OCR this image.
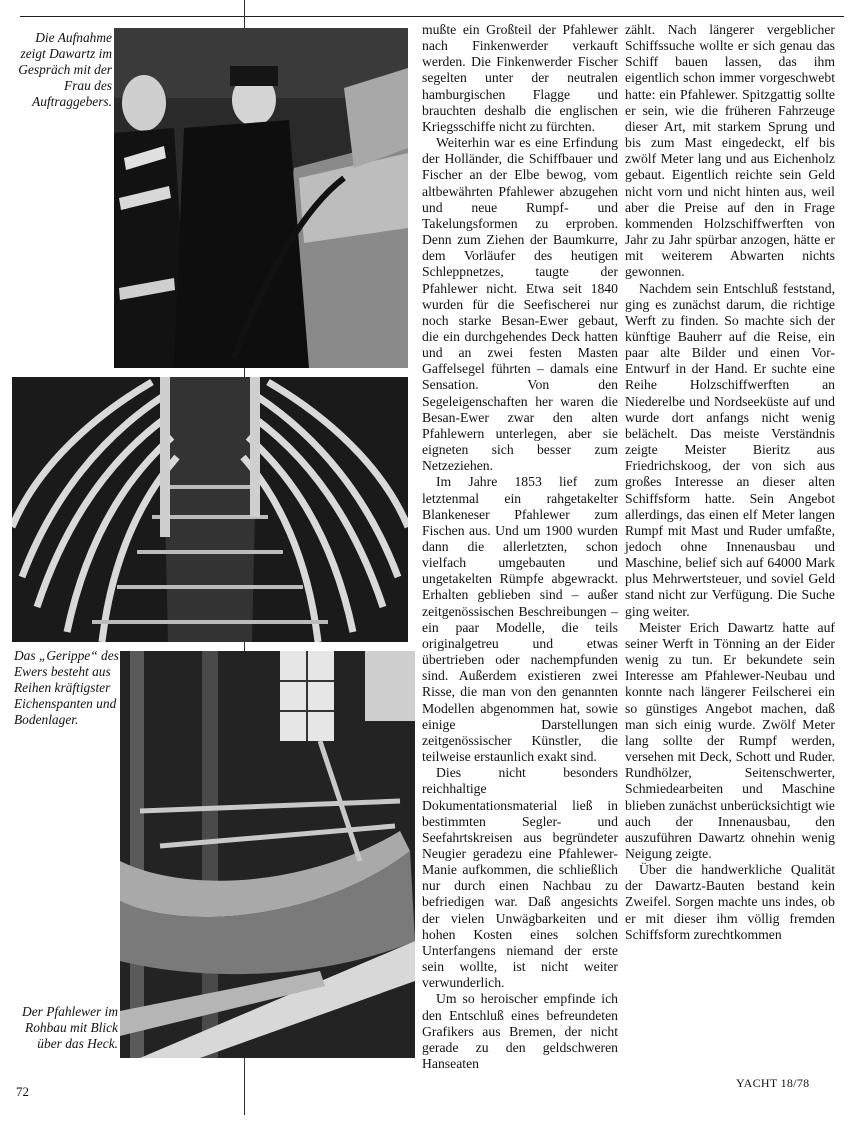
Die Aufnahme zeigt Dawartz im Gespräch mit der Frau des Auftraggebers.
Das „Gerippe“ des Ewers besteht aus Reihen kräftigster Eichenspanten und Bodenlager.
Der Pfahlewer im Rohbau mit Blick über das Heck.

mußte ein Großteil der Pfahlewer nach Finkenwerder verkauft werden. Die Finkenwerder Fischer segelten unter der neutralen hamburgischen Flagge und brauchten deshalb die englischen Kriegsschiffe nicht zu fürchten.

Weiterhin war es eine Erfindung der Holländer, die Schiffbauer und Fischer an der Elbe bewog, vom altbewährten Pfahlewer abzugehen und neue Rumpf- und Takelungsformen zu erproben. Denn zum Ziehen der Baumkurre, dem Vorläufer des heutigen Schleppnetzes, taugte der Pfahlewer nicht. Etwa seit 1840 wurden für die Seefischerei nur noch starke Besan-Ewer gebaut, die ein durchgehendes Deck hatten und an zwei festen Masten Gaffelsegel führten – damals eine Sensation. Von den Segeleigenschaften her waren die Besan-Ewer zwar den alten Pfahlewern unterlegen, aber sie eigneten sich besser zum Netzeziehen.

Im Jahre 1853 lief zum letztenmal ein rahgetakelter Blankeneser Pfahlewer zum Fischen aus. Und um 1900 wurden dann die allerletzten, schon vielfach umgebauten und ungetakelten Rümpfe abgewrackt. Erhalten geblieben sind – außer zeitgenössischen Beschreibungen – ein paar Modelle, die teils originalgetreu und etwas übertrieben oder nachempfunden sind. Außerdem existieren zwei Risse, die man von den genannten Modellen abgenommen hat, sowie einige Darstellungen zeitgenössischer Künstler, die teilweise erstaunlich exakt sind.

Dies nicht besonders reichhaltige Dokumentationsmaterial ließ in bestimmten Segler- und Seefahrtskreisen aus begründeter Neugier geradezu eine Pfahlewer-Manie aufkommen, die schließlich nur durch einen Nachbau zu befriedigen war. Daß angesichts der vielen Unwägbarkeiten und hohen Kosten eines solchen Unterfangens niemand der erste sein wollte, ist nicht weiter verwunderlich.

Um so heroischer empfinde ich den Entschluß eines befreundeten Grafikers aus Bremen, der nicht gerade zu den geldschweren Hanseaten

zählt. Nach längerer vergeblicher Schiffssuche wollte er sich genau das Schiff bauen lassen, das ihm eigentlich schon immer vorgeschwebt hatte: ein Pfahlewer. Spitzgattig sollte er sein, wie die früheren Fahrzeuge dieser Art, mit starkem Sprung und bis zum Mast eingedeckt, elf bis zwölf Meter lang und aus Eichenholz gebaut. Eigentlich reichte sein Geld nicht vorn und nicht hinten aus, weil aber die Preise auf den in Frage kommenden Holzschiffwerften von Jahr zu Jahr spürbar anzogen, hätte er mit weiterem Abwarten nichts gewonnen.

Nachdem sein Entschluß feststand, ging es zunächst darum, die richtige Werft zu finden. So machte sich der künftige Bauherr auf die Reise, ein paar alte Bilder und einen Vor-Entwurf in der Hand. Er suchte eine Reihe Holzschiffwerften an Niederelbe und Nordseeküste auf und wurde dort anfangs nicht wenig belächelt. Das meiste Verständnis zeigte Meister Bieritz aus Friedrichskoog, der von sich aus großes Interesse an dieser alten Schiffsform hatte. Sein Angebot allerdings, das einen elf Meter langen Rumpf mit Mast und Ruder umfaßte, jedoch ohne Innenausbau und Maschine, belief sich auf 64000 Mark plus Mehrwertsteuer, und soviel Geld stand nicht zur Verfügung. Die Suche ging weiter.

Meister Erich Dawartz hatte auf seiner Werft in Tönning an der Eider wenig zu tun. Er bekundete sein Interesse am Pfahlewer-Neubau und konnte nach längerer Feilscherei ein so günstiges Angebot machen, daß man sich einig wurde. Zwölf Meter lang sollte der Rumpf werden, versehen mit Deck, Schott und Ruder. Rundhölzer, Seitenschwerter, Schmiedearbeiten und Maschine blieben zunächst unberücksichtigt wie auch der Innenausbau, den auszuführen Dawartz ohnehin wenig Neigung zeigte.

Über die handwerkliche Qualität der Dawartz-Bauten bestand kein Zweifel. Sorgen machte uns indes, ob er mit dieser ihm völlig fremden Schiffsform zurechtkommen

72
YACHT 18/78
